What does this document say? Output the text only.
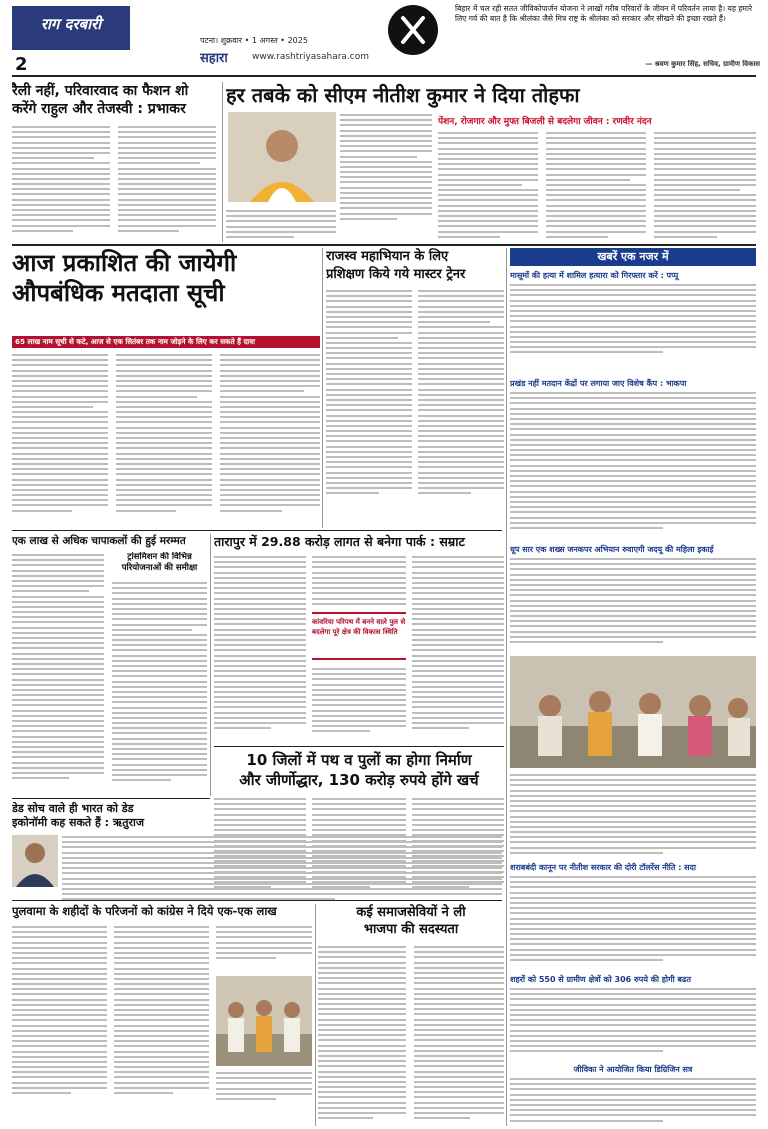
राग दरबारी
2
पटना। शुक्रवार • 1 अगस्त • 2025
सहारा	www.rashtriyasahara.com
बिहार में चल रही सतत जीविकोपार्जन योजना ने लाखों गरीब परिवारों के जीवन में परिवर्तन लाया है। यह हमारे लिए गर्व की बात है कि श्रीलंका जैसे मित्र राष्ट्र के श्रीलंका को सरकार और सीखने की इच्छा रखते हैं।
— श्रवण कुमार सिंह, सचिव, ग्रामीण विकास
रैली नहीं, परिवारवाद का फैशन शो
करेंगे राहुल और तेजस्वी : प्रभाकर
हर तबके को सीएम नीतीश कुमार ने दिया तोहफा
पेंशन, रोजगार और मुफ्त बिजली से बदलेगा जीवन : रणवीर नंदन
आज प्रकाशित की जायेगी
औपबंधिक मतदाता सूची
65 लाख नाम सूची से कटे, आज से एक सितंबर तक नाम जोड़ने के लिए कर सकते हैं दावा
राजस्व महाभियान के लिए
प्रशिक्षण किये गये मास्टर ट्रेनर
खबरें एक नजर में
मासूमों की हत्या में शामिल हत्यारा को गिरफ्तार करें : पप्पू
प्रखंड नहीं मतदान केंद्रों पर लगाया जाए विशेष कैंप : भाकपा
धूप सार एक शख्स जनकपर अभियान रुवाएगी जदयू की महिला इकाई
शराबबंदी कानून पर नीतीश सरकार की दोरी टॉलरेंस नीति : सदा
शहरों को 550 से ग्रामीण क्षेत्रों को 306 रुपये की होगी बढत
जीविका ने आयोजित किया डिग्रिजिन सत्र
एक लाख से अधिक चापाकलों की हुई मरम्मत
ट्रांसमिशन की विभिन्न परियोजनाओं की समीक्षा
तारापुर में 29.88 करोड़ लागत से बनेगा पार्क : सम्राट
कांवरिया परिपथ में बनने वाले पुल से बदलेगा पूरे क्षेत्र की विकास स्थिति
10 जिलों में पथ व पुलों का होगा निर्माण
और जीर्णोद्धार, 130 करोड़ रुपये होंगे खर्च
डेड सोच वाले ही भारत को डेड
इकोनॉमी कह सकते हैं : ऋतुराज
पुलवामा के शहीदों के परिजनों को कांग्रेस ने दिये एक-एक लाख	कई समाजसेवियों ने ली
भाजपा की सदस्यता
